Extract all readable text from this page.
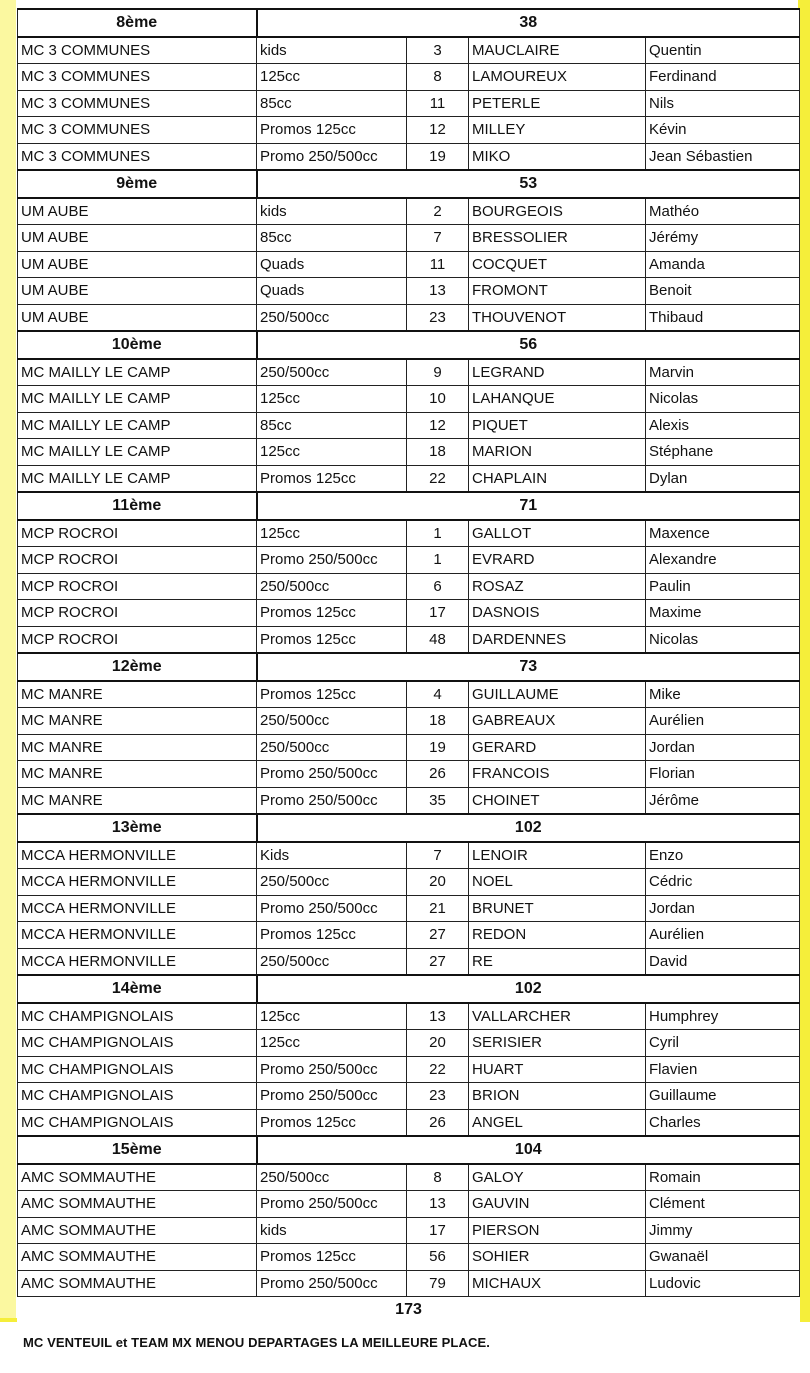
8ème	38			
MC 3 COMMUNES	kids	3	MAUCLAIRE	Quentin
MC 3 COMMUNES	125cc	8	LAMOUREUX	Ferdinand
MC 3 COMMUNES	85cc	11	PETERLE	Nils
MC 3 COMMUNES	Promos 125cc	12	MILLEY	Kévin
MC 3 COMMUNES	Promo 250/500cc	19	MIKO	Jean Sébastien
9ème	53			
UM AUBE	kids	2	BOURGEOIS	Mathéo
UM AUBE	85cc	7	BRESSOLIER	Jérémy
UM AUBE	Quads	11	COCQUET	Amanda
UM AUBE	Quads	13	FROMONT	Benoit
UM AUBE	250/500cc	23	THOUVENOT	Thibaud
10ème	56			
MC MAILLY LE CAMP	250/500cc	9	LEGRAND	Marvin
MC MAILLY LE CAMP	125cc	10	LAHANQUE	Nicolas
MC MAILLY LE CAMP	85cc	12	PIQUET	Alexis
MC MAILLY LE CAMP	125cc	18	MARION	Stéphane
MC MAILLY LE CAMP	Promos 125cc	22	CHAPLAIN	Dylan
11ème	71			
MCP ROCROI	125cc	1	GALLOT	Maxence
MCP ROCROI	Promo 250/500cc	1	EVRARD	Alexandre
MCP ROCROI	250/500cc	6	ROSAZ	Paulin
MCP ROCROI	Promos 125cc	17	DASNOIS	Maxime
MCP ROCROI	Promos 125cc	48	DARDENNES	Nicolas
12ème	73			
MC MANRE	Promos 125cc	4	GUILLAUME	Mike
MC MANRE	250/500cc	18	GABREAUX	Aurélien
MC MANRE	250/500cc	19	GERARD	Jordan
MC MANRE	Promo 250/500cc	26	FRANCOIS	Florian
MC MANRE	Promo 250/500cc	35	CHOINET	Jérôme
13ème	102			
MCCA HERMONVILLE	Kids	7	LENOIR	Enzo
MCCA HERMONVILLE	250/500cc	20	NOEL	Cédric
MCCA HERMONVILLE	Promo 250/500cc	21	BRUNET	Jordan
MCCA HERMONVILLE	Promos 125cc	27	REDON	Aurélien
MCCA HERMONVILLE	250/500cc	27	RE	David
14ème	102			
MC CHAMPIGNOLAIS	125cc	13	VALLARCHER	Humphrey
MC CHAMPIGNOLAIS	125cc	20	SERISIER	Cyril
MC CHAMPIGNOLAIS	Promo 250/500cc	22	HUART	Flavien
MC CHAMPIGNOLAIS	Promo 250/500cc	23	BRION	Guillaume
MC CHAMPIGNOLAIS	Promos 125cc	26	ANGEL	Charles
15ème	104			
AMC SOMMAUTHE	250/500cc	8	GALOY	Romain
AMC SOMMAUTHE	Promo 250/500cc	13	GAUVIN	Clément
AMC SOMMAUTHE	kids	17	PIERSON	Jimmy
AMC SOMMAUTHE	Promos 125cc	56	SOHIER	Gwanaël
AMC SOMMAUTHE	Promo 250/500cc	79	MICHAUX	Ludovic
173				
MC VENTEUIL et TEAM MX MENOU DEPARTAGES LA MEILLEURE PLACE.
